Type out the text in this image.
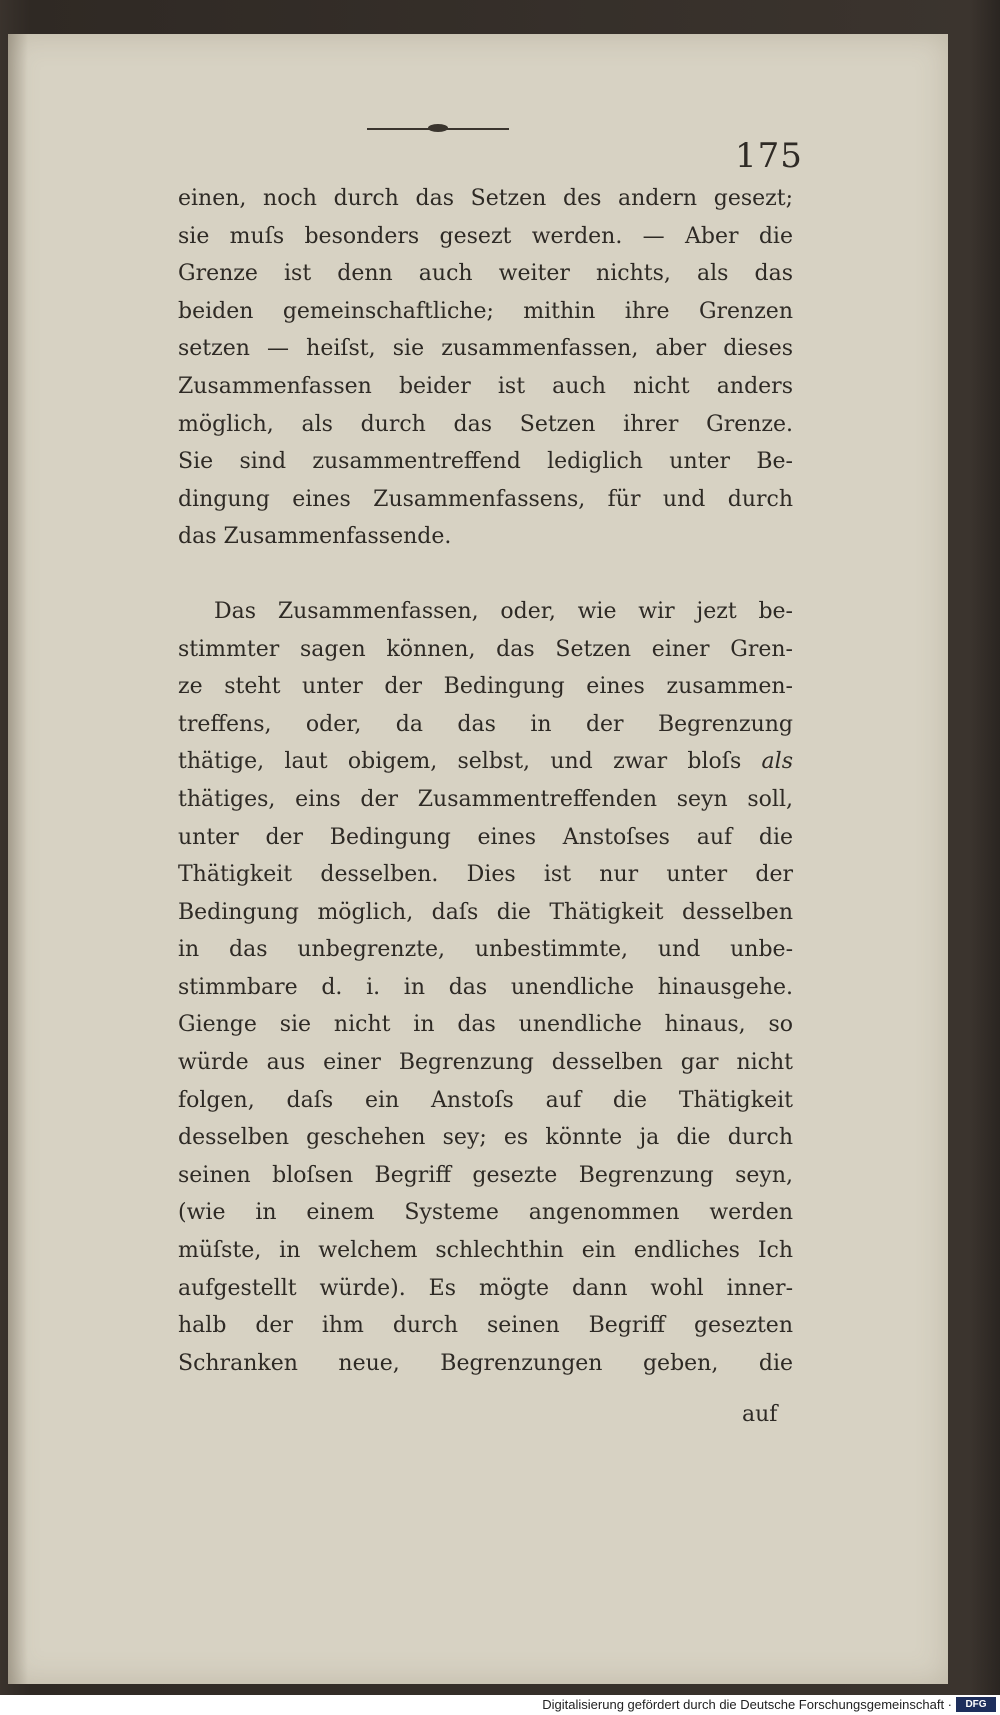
175
einen, noch durch das Setzen des andern gesezt;
sie muſs besonders gesezt werden. — Aber die
Grenze ist denn auch weiter nichts, als das
beiden gemeinschaftliche; mithin ihre Grenzen
setzen — heiſst, sie zusammenfassen, aber dieses
Zusammenfassen beider ist auch nicht anders
möglich, als durch das Setzen ihrer Grenze.
Sie sind zusammentreffend lediglich unter Be-
dingung eines Zusammenfassens, für und durch
das Zusammenfassende.
Das Zusammenfassen, oder, wie wir jezt be-
stimmter sagen können, das Setzen einer Gren-
ze steht unter der Bedingung eines zusammen-
treffens, oder, da das in der Begrenzung
thätige, laut obigem, selbst, und zwar bloſs als
thätiges, eins der Zusammentreffenden seyn soll,
unter der Bedingung eines Anstoſses auf die
Thätigkeit desselben. Dies ist nur unter der
Bedingung möglich, daſs die Thätigkeit desselben
in das unbegrenzte, unbestimmte, und unbe-
stimmbare d. i. in das unendliche hinausgehe.
Gienge sie nicht in das unendliche hinaus, so
würde aus einer Begrenzung desselben gar nicht
folgen, daſs ein Anstoſs auf die Thätigkeit
desselben geschehen sey; es könnte ja die durch
seinen bloſsen Begriff gesezte Begrenzung seyn,
(wie in einem Systeme angenommen werden
müſste, in welchem schlechthin ein endliches Ich
aufgestellt würde). Es mögte dann wohl inner-
halb der ihm durch seinen Begriff gesezten
Schranken neue, Begrenzungen geben, die
auf
Digitalisierung gefördert durch die Deutsche Forschungsgemeinschaft ·	DFG
